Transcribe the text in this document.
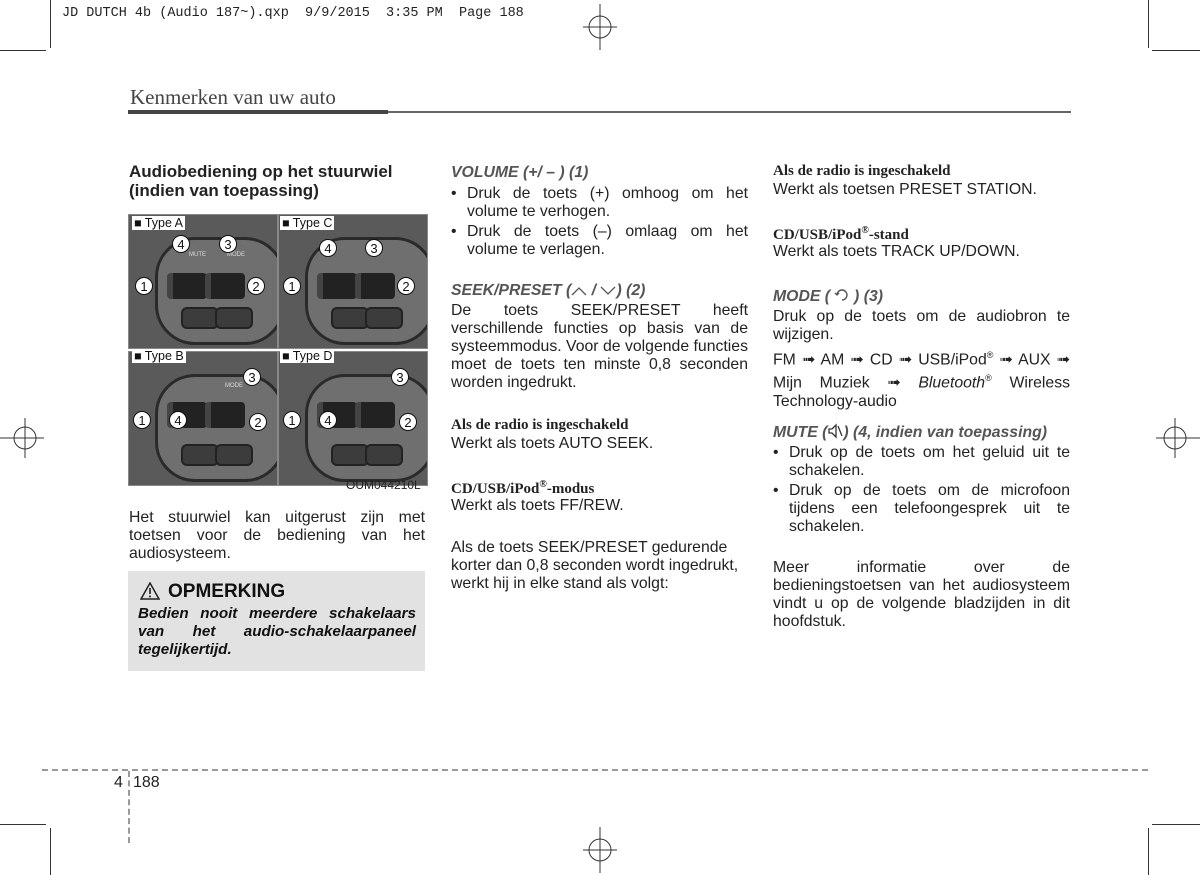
JD DUTCH 4b (Audio 187~).qxp  9/9/2015  3:35 PM  Page 188
Kenmerken van uw auto
Audiobediening op het stuurwiel (indien van toepassing)
MUTE	MODE
4	3
1	2
■ Type A
4	3
1	2
■ Type C
MODE
3
1	4	2
■ Type B
3
1	4	2
■ Type D
OUM044210L

Het stuurwiel kan uitgerust zijn met toetsen voor de bediening van het audiosysteem.

OPMERKING

Bedien nooit meerdere schakelaars van het audio-schakelaarpaneel tegelijkertijd.

VOLUME (+/ – ) (1)
• Druk de toets (+) omhoog om het volume te verhogen.
• Druk de toets (–) omlaag om het volume te verlagen.
SEEK/PRESET ( / ) (2)

De toets SEEK/PRESET heeft verschillende functies op basis van de systeemmodus. Voor de volgende functies moet de toets ten minste 0,8 seconden worden ingedrukt.

Als de radio is ingeschakeld

Werkt als toets AUTO SEEK.

CD/USB/iPod®-modus

Werkt als toets FF/REW.

Als de toets SEEK/PRESET gedurende korter dan 0,8 seconden wordt ingedrukt, werkt hij in elke stand als volgt:

Als de radio is ingeschakeld

Werkt als toetsen PRESET STATION.

CD/USB/iPod®-stand

Werkt als toets TRACK UP/DOWN.

MODE ( ) (3)

Druk op de toets om de audiobron te wijzigen.

FM ➟ AM ➟ CD ➟ USB/iPod® ➟ AUX ➟ Mijn Muziek ➟ Bluetooth® Wireless Technology-audio

MUTE ( ) (4, indien van toepassing)
• Druk op de toets om het geluid uit te schakelen.
• Druk op de toets om de microfoon tijdens een telefoongesprek uit te schakelen.

Meer informatie over de bedieningstoetsen van het audiosysteem vindt u op de volgende bladzijden in dit hoofdstuk.

4 188
